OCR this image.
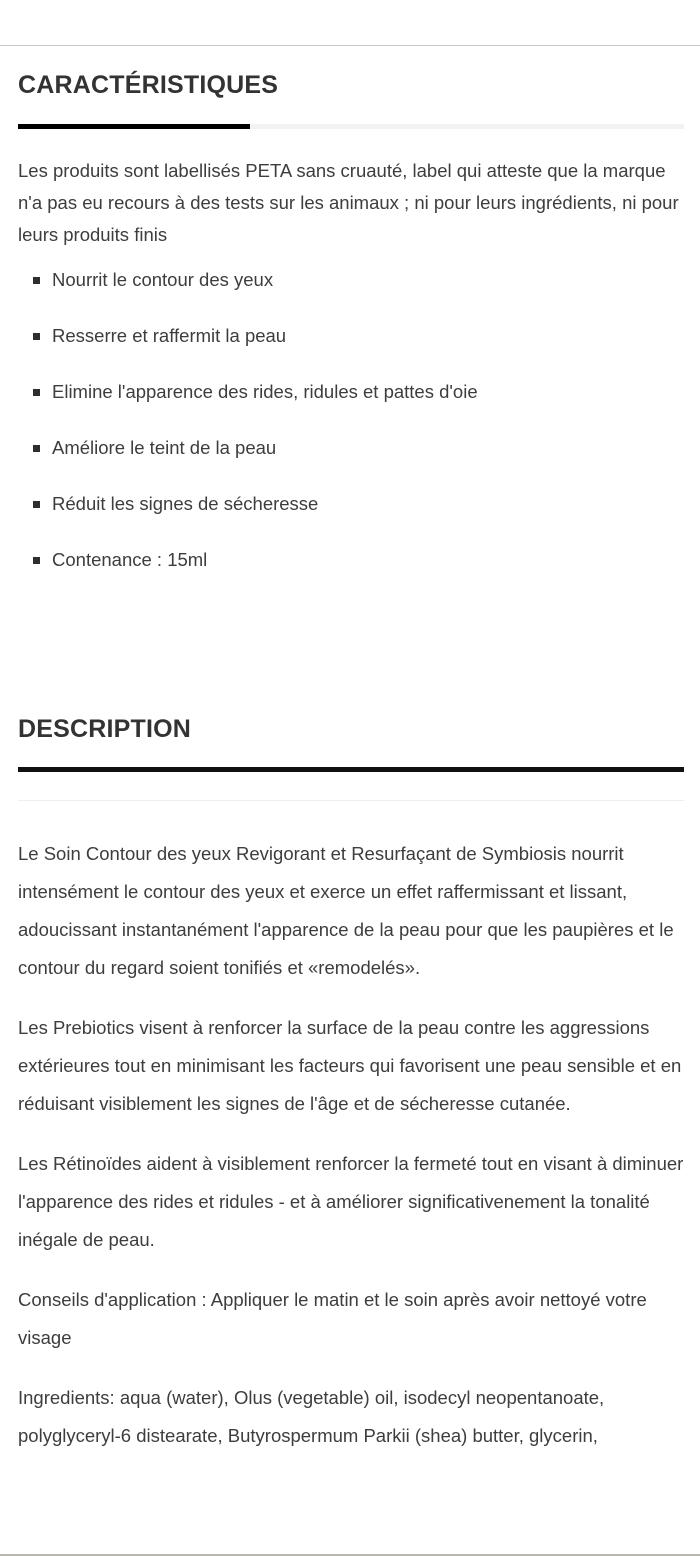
CARACTÉRISTIQUES

Les produits sont labellisés PETA sans cruauté, label qui atteste que la marque n'a pas eu recours à des tests sur les animaux ; ni pour leurs ingrédients, ni pour leurs produits finis

Nourrit le contour des yeux
Resserre et raffermit la peau
Elimine l'apparence des rides, ridules et pattes d'oie
Améliore le teint de la peau
Réduit les signes de sécheresse
Contenance : 15ml
DESCRIPTION

Le Soin Contour des yeux Revigorant et Resurfaçant de Symbiosis nourrit intensément le contour des yeux et exerce un effet raffermissant et lissant, adoucissant instantanément l'apparence de la peau pour que les paupières et le contour du regard soient tonifiés et «remodelés».

Les Prebiotics visent à renforcer la surface de la peau contre les aggressions extérieures tout en minimisant les facteurs qui favorisent une peau sensible et en réduisant visiblement les signes de l'âge et de sécheresse cutanée.

Les Rétinoïdes aident à visiblement renforcer la fermeté tout en visant à diminuer l'apparence des rides et ridules - et à améliorer significativenement la tonalité inégale de peau.

Conseils d'application : Appliquer le matin et le soin après avoir nettoyé votre visage

Ingredients: aqua (water), Olus (vegetable) oil, isodecyl neopentanoate, polyglyceryl-6 distearate, Butyrospermum Parkii (shea) butter, glycerin,
